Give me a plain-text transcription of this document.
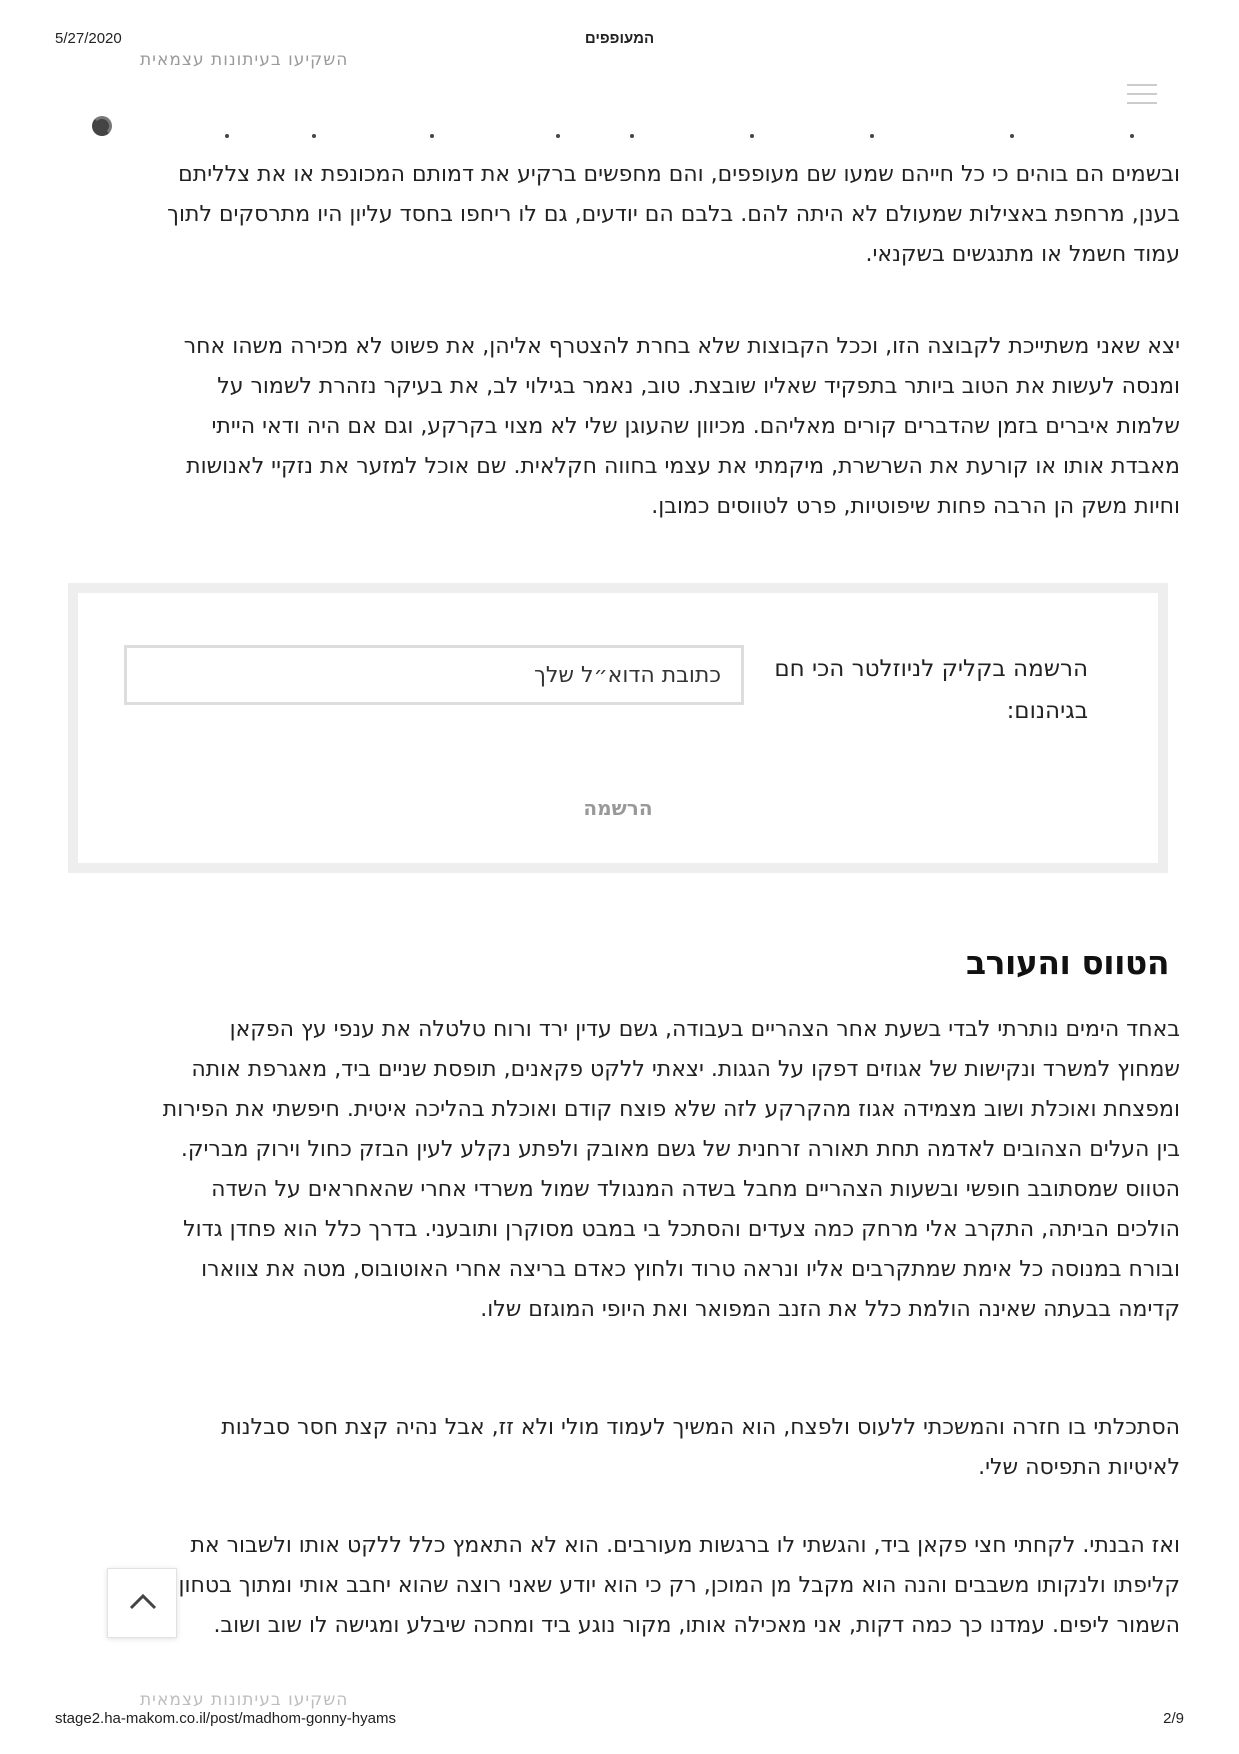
5/27/2020	המעופפים
השקיעו בעיתונות עצמאית

ובשמים הם בוהים כי כל חייהם שמעו שם מעופפים, והם מחפשים ברקיע את דמותם המכונפת או את צלליתם

בענן, מרחפת באצילות שמעולם לא היתה להם. בלבם הם יודעים, גם לו ריחפו בחסד עליון היו מתרסקים לתוך

עמוד חשמל או מתנגשים בשקנאי.

יצא שאני משתייכת לקבוצה הזו, וככל הקבוצות שלא בחרת להצטרף אליהן, את פשוט לא מכירה משהו אחר

ומנסה לעשות את הטוב ביותר בתפקיד שאליו שובצת. טוב, נאמר בגילוי לב, את בעיקר נזהרת לשמור על

שלמות איברים בזמן שהדברים קורים מאליהם. מכיוון שהעוגן שלי לא מצוי בקרקע, וגם אם היה ודאי הייתי

מאבדת אותו או קורעת את השרשרת, מיקמתי את עצמי בחווה חקלאית. שם אוכל למזער את נזקיי לאנושות

וחיות משק הן הרבה פחות שיפוטיות, פרט לטווסים כמובן.

הרשמה בקליק לניוזלטר הכי חם בגיהנום:
כתובת הדוא״ל שלך
הרשמה
הטווס והעורב

באחד הימים נותרתי לבדי בשעת אחר הצהריים בעבודה, גשם עדין ירד ורוח טלטלה את ענפי עץ הפקאן

שמחוץ למשרד ונקישות של אגוזים דפקו על הגגות. יצאתי ללקט פקאנים, תופסת שניים ביד, מאגרפת אותה

ומפצחת ואוכלת ושוב מצמידה אגוז מהקרקע לזה שלא פוצח קודם ואוכלת בהליכה איטית. חיפשתי את הפירות

בין העלים הצהובים לאדמה תחת תאורה זרחנית של גשם מאובק ולפתע נקלע לעין הבזק כחול וירוק מבריק.

הטווס שמסתובב חופשי ובשעות הצהריים מחבל בשדה המנגולד שמול משרדי אחרי שהאחראים על השדה

הולכים הביתה, התקרב אלי מרחק כמה צעדים והסתכל בי במבט מסוקרן ותובעני. בדרך כלל הוא פחדן גדול

ובורח במנוסה כל אימת שמתקרבים אליו ונראה טרוד ולחוץ כאדם בריצה אחרי האוטובוס, מטה את צווארו

קדימה בבעתה שאינה הולמת כלל את הזנב המפואר ואת היופי המוגזם שלו.

הסתכלתי בו חזרה והמשכתי ללעוס ולפצח, הוא המשיך לעמוד מולי ולא זז, אבל נהיה קצת חסר סבלנות

לאיטיות התפיסה שלי.

ואז הבנתי. לקחתי חצי פקאן ביד, והגשתי לו ברגשות מעורבים. הוא לא התאמץ כלל ללקט אותו ולשבור את

קליפתו ולנקותו משבבים והנה הוא מקבל מן המוכן, רק כי הוא יודע שאני רוצה שהוא יחבב אותי ומתוך בטחון

השמור ליפים. עמדנו כך כמה דקות, אני מאכילה אותו, מקור נוגע ביד ומחכה שיבלע ומגישה לו שוב ושוב.

השקיעו בעיתונות עצמאית
stage2.ha-makom.co.il/post/madhom-gonny-hyams	2/9
